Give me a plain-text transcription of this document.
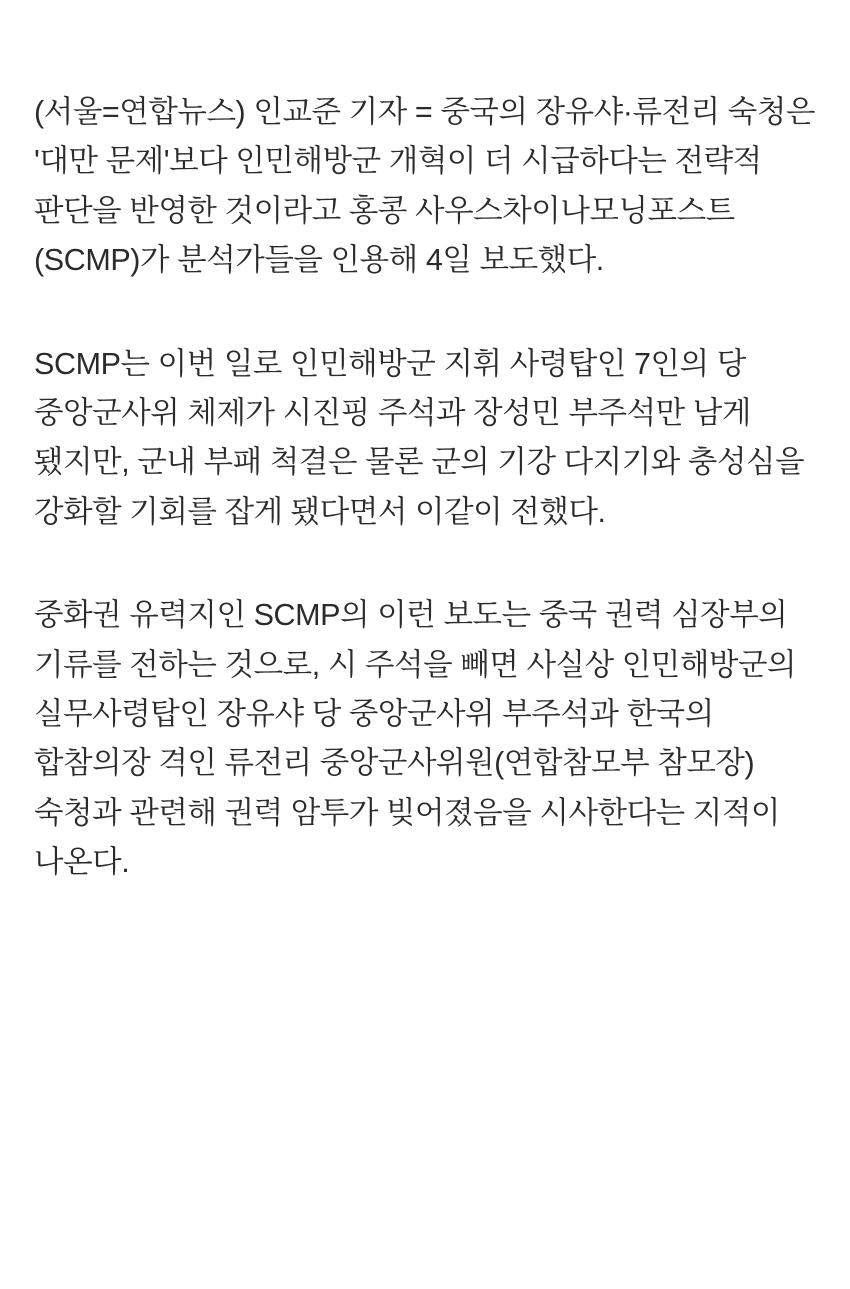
(서울=연합뉴스) 인교준 기자 = 중국의 장유샤·류전리 숙청은 '대만 문제'보다 인민해방군 개혁이 더 시급하다는 전략적 판단을 반영한 것이라고 홍콩 사우스차이나모닝포스트(SCMP)가 분석가들을 인용해 4일 보도했다.

SCMP는 이번 일로 인민해방군 지휘 사령탑인 7인의 당 중앙군사위 체제가 시진핑 주석과 장성민 부주석만 남게 됐지만, 군내 부패 척결은 물론 군의 기강 다지기와 충성심을 강화할 기회를 잡게 됐다면서 이같이 전했다.

중화권 유력지인 SCMP의 이런 보도는 중국 권력 심장부의 기류를 전하는 것으로, 시 주석을 빼면 사실상 인민해방군의 실무사령탑인 장유샤 당 중앙군사위 부주석과 한국의 합참의장 격인 류전리 중앙군사위원(연합참모부 참모장) 숙청과 관련해 권력 암투가 빚어졌음을 시사한다는 지적이 나온다.
